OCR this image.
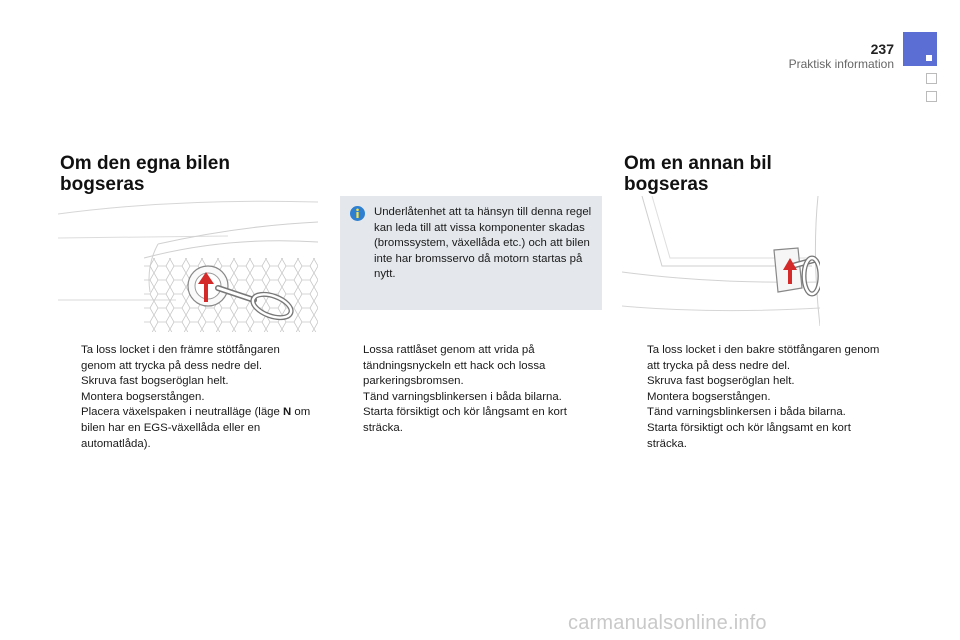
237
Praktisk information
Om den egna bilen
bogseras
Underlåtenhet att ta hänsyn till denna regel kan leda till att vissa komponenter skadas (bromssystem, växellåda etc.) och att bilen inte har bromsservo då motorn startas på nytt.
Om en annan bil
bogseras
Ta loss locket i den främre stötfångaren genom att trycka på dess nedre del.
Skruva fast bogseröglan helt.
Montera bogserstången.
Placera växelspaken i neutralläge (läge N om bilen har en EGS-växellåda eller en automatlåda).
Lossa rattlåset genom att vrida på tändningsnyckeln ett hack och lossa parkeringsbromsen.
Tänd varningsblinkersen i båda bilarna.
Starta försiktigt och kör långsamt en kort sträcka.
Ta loss locket i den bakre stötfångaren genom att trycka på dess nedre del.
Skruva fast bogseröglan helt.
Montera bogserstången.
Tänd varningsblinkersen i båda bilarna.
Starta försiktigt och kör långsamt en kort sträcka.
carmanualsonline.info
